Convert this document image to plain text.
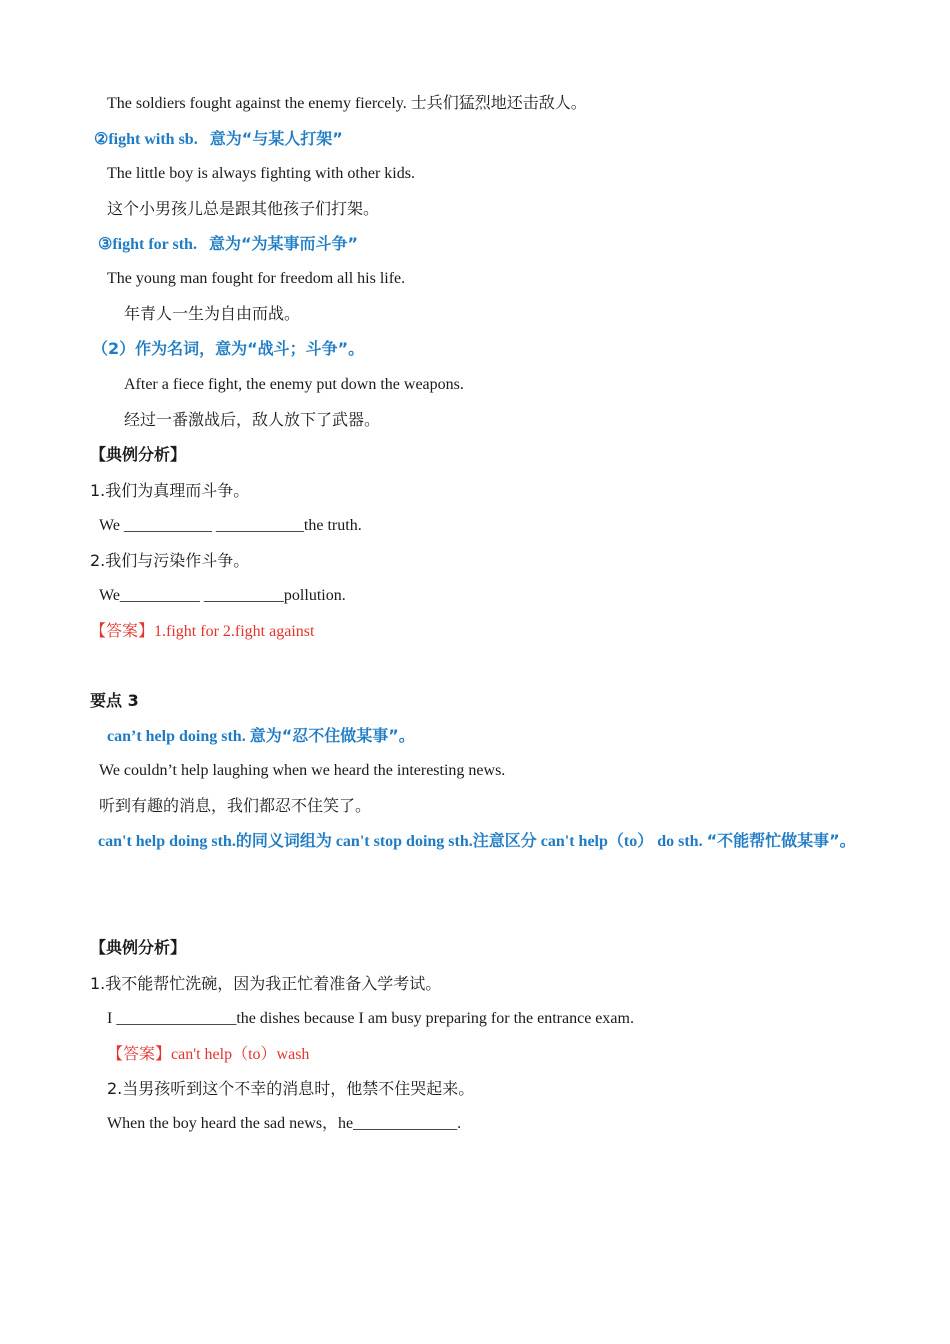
The soldiers fought against the enemy fiercely. 士兵们猛烈地还击敌人。
②fight with sb. 意为“与某人打架”
The little boy is always fighting with other kids.
这个小男孩儿总是跟其他孩子们打架。
③fight for sth. 意为“为某事而斗争”
The young man fought for freedom all his life.
年青人一生为自由而战。
（2）作为名词，意为“战斗；斗争”。
After a fiece fight, the enemy put down the weapons.
经过一番激战后，敌人放下了武器。
【典例分析】
1.我们为真理而斗争。
We ___________ ___________the truth.
2.我们与污染作斗争。
We__________ __________pollution.
【答案】1.fight for 2.fight against
要点 3
can’t help doing sth. 意为“忍不住做某事”。
We couldn’t help laughing when we heard the interesting news.
听到有趣的消息，我们都忍不住笑了。
can't help doing sth.的同义词组为 can't stop doing sth.注意区分 can't help（to） do sth. “不能帮忙做某事”。
【典例分析】
1.我不能帮忙洗碗，因为我正忙着准备入学考试。
I _______________the dishes because I am busy preparing for the entrance exam.
【答案】can't help（to）wash
2.当男孩听到这个不幸的消息时，他禁不住哭起来。
When the boy heard the sad news，he_____________.
